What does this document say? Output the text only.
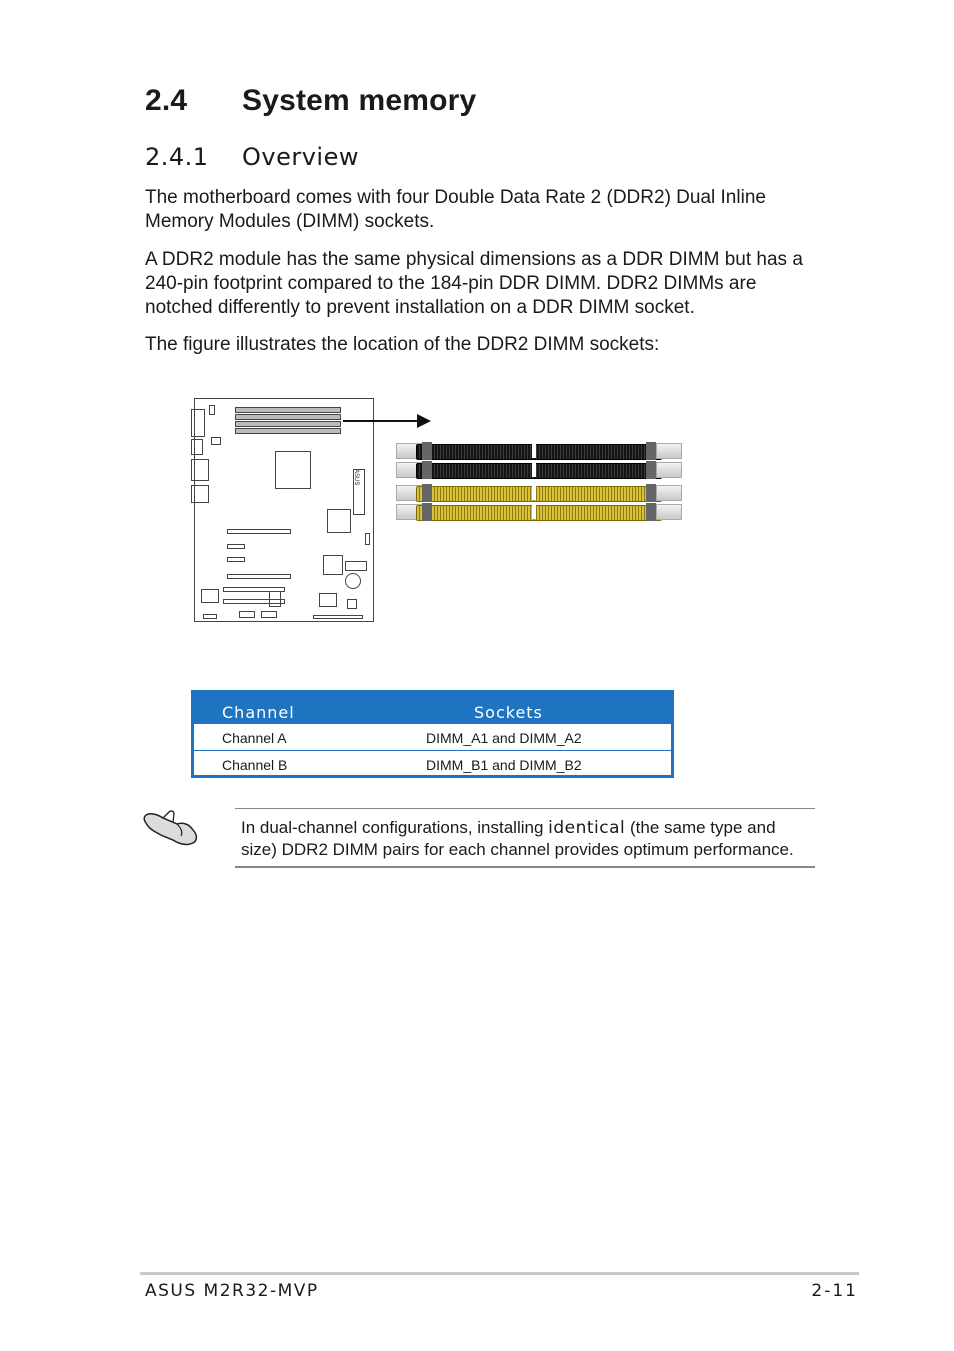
2.4 System memory
2.4.1 Overview
The motherboard comes with four Double Data Rate 2 (DDR2) Dual Inline Memory Modules (DIMM) sockets.
A DDR2 module has the same physical dimensions as a DDR DIMM but has a 240-pin footprint compared to the 184-pin DDR DIMM. DDR2 DIMMs are notched differently to prevent installation on a DDR DIMM socket.
The figure illustrates the location of the DDR2 DIMM sockets:
ASUS
Channel	Sockets
Channel A	DIMM_A1 and DIMM_A2
Channel B	DIMM_B1 and DIMM_B2
In dual-channel configurations, installing identical (the same type and size) DDR2 DIMM pairs for each channel provides optimum performance.
ASUS M2R32-MVP	2-11
